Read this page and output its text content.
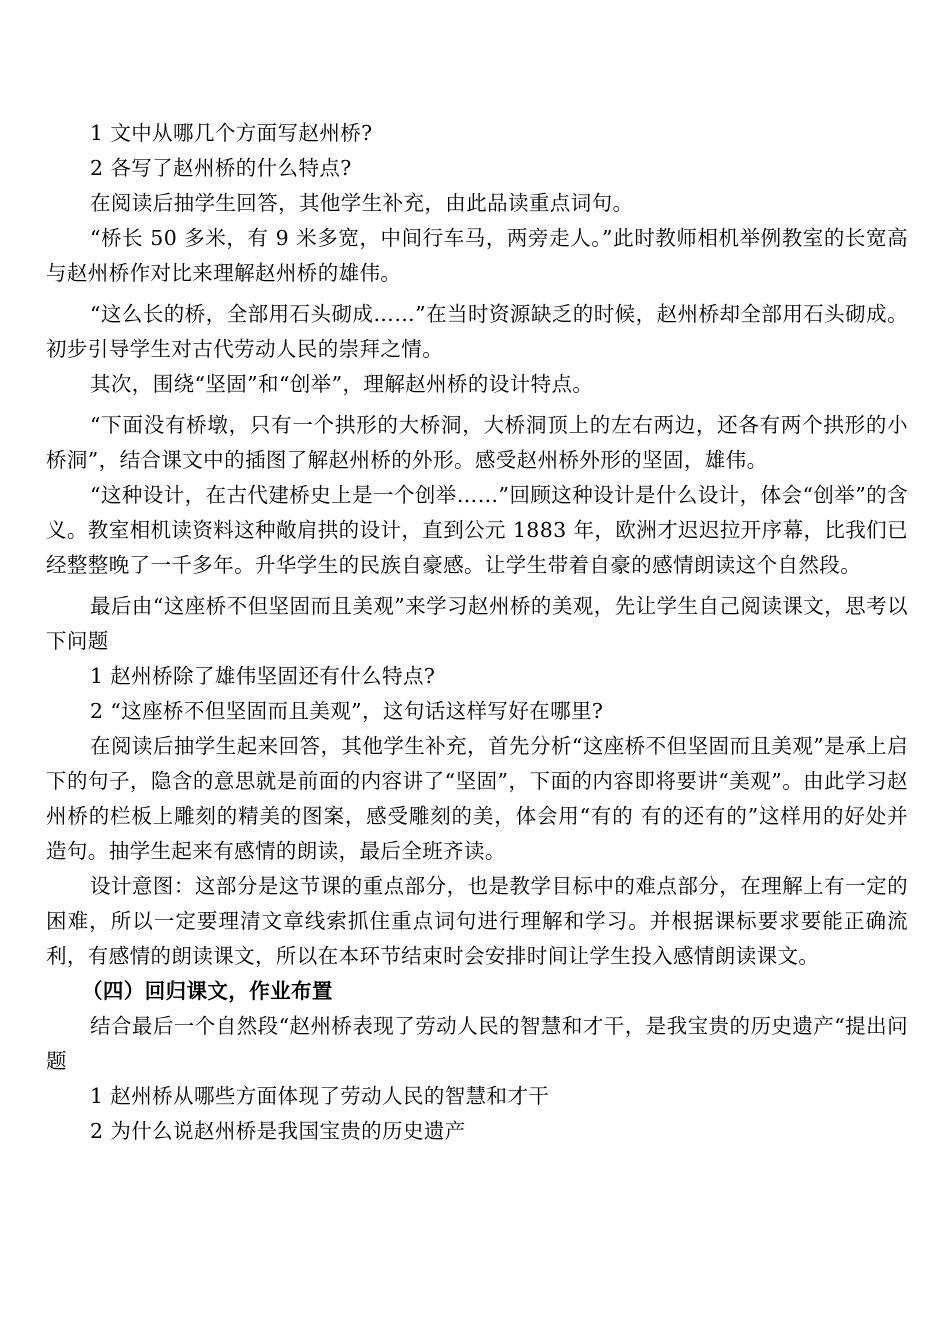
1 文中从哪几个方面写赵州桥?

2 各写了赵州桥的什么特点?

在阅读后抽学生回答，其他学生补充，由此品读重点词句。

“桥长 50 多米，有 9 米多宽，中间行车马，两旁走人。”此时教师相机举例教室的长宽高与赵州桥作对比来理解赵州桥的雄伟。

“这么长的桥，全部用石头砌成……”在当时资源缺乏的时候，赵州桥却全部用石头砌成。初步引导学生对古代劳动人民的崇拜之情。

其次，围绕“坚固”和“创举”，理解赵州桥的设计特点。

“下面没有桥墩，只有一个拱形的大桥洞，大桥洞顶上的左右两边，还各有两个拱形的小桥洞”，结合课文中的插图了解赵州桥的外形。感受赵州桥外形的坚固，雄伟。

“这种设计，在古代建桥史上是一个创举……”回顾这种设计是什么设计，体会“创举”的含义。教室相机读资料这种敞肩拱的设计，直到公元 1883 年，欧洲才迟迟拉开序幕，比我们已经整整晚了一千多年。升华学生的民族自豪感。让学生带着自豪的感情朗读这个自然段。

最后由“这座桥不但坚固而且美观”来学习赵州桥的美观，先让学生自己阅读课文，思考以下问题

1 赵州桥除了雄伟坚固还有什么特点?

2 “这座桥不但坚固而且美观”，这句话这样写好在哪里?

在阅读后抽学生起来回答，其他学生补充，首先分析“这座桥不但坚固而且美观”是承上启下的句子，隐含的意思就是前面的内容讲了“坚固”，下面的内容即将要讲“美观”。由此学习赵州桥的栏板上雕刻的精美的图案，感受雕刻的美，体会用“有的 有的还有的”这样用的好处并造句。抽学生起来有感情的朗读，最后全班齐读。

设计意图：这部分是这节课的重点部分，也是教学目标中的难点部分，在理解上有一定的困难，所以一定要理清文章线索抓住重点词句进行理解和学习。并根据课标要求要能正确流利，有感情的朗读课文，所以在本环节结束时会安排时间让学生投入感情朗读课文。

（四）回归课文，作业布置

结合最后一个自然段“赵州桥表现了劳动人民的智慧和才干，是我宝贵的历史遗产“提出问题

1 赵州桥从哪些方面体现了劳动人民的智慧和才干

2 为什么说赵州桥是我国宝贵的历史遗产
